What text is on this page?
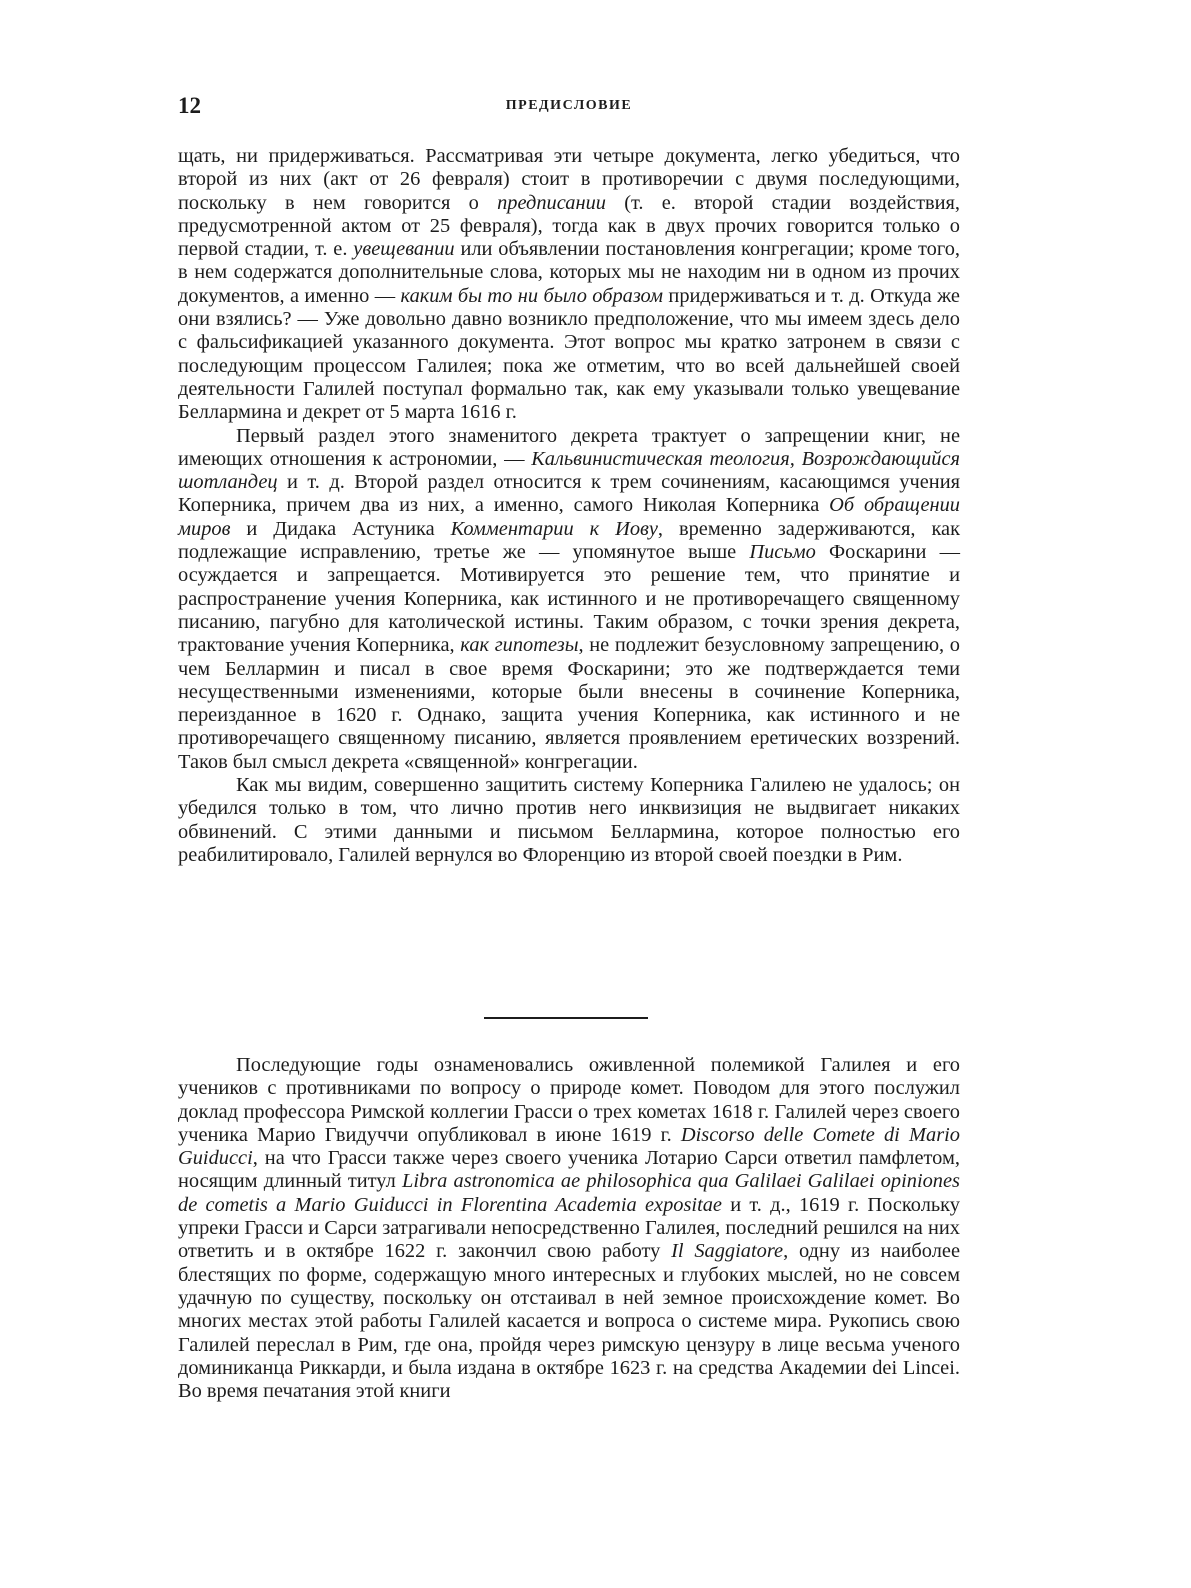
12	ПРЕДИСЛОВИЕ

щать, ни придерживаться. Рассматривая эти четыре документа, легко убедиться, что второй из них (акт от 26 февраля) стоит в противоречии с двумя последующими, поскольку в нем говорится о предписании (т. е. второй стадии воздействия, предусмотренной актом от 25 февраля), тогда как в двух прочих говорится только о первой стадии, т. е. увещевании или объявлении постановления конгрегации; кроме того, в нем содержатся дополнительные слова, которых мы не находим ни в одном из прочих документов, а именно — каким бы то ни было образом придерживаться и т. д. Откуда же они взялись? — Уже довольно давно возникло предположение, что мы имеем здесь дело с фальсификацией указанного документа. Этот вопрос мы кратко затронем в связи с последующим процессом Галилея; пока же отметим, что во всей дальнейшей своей деятельности Галилей поступал формально так, как ему указывали только увещевание Беллармина и декрет от 5 марта 1616 г.

Первый раздел этого знаменитого декрета трактует о запрещении книг, не имеющих отношения к астрономии, — Кальвинистическая теология, Возрождающийся шотландец и т. д. Второй раздел относится к трем сочинениям, касающимся учения Коперника, причем два из них, а именно, самого Николая Коперника Об обращении миров и Дидака Астуника Комментарии к Иову, временно задерживаются, как подлежащие исправлению, третье же — упомянутое выше Письмо Фоскарини — осуждается и запрещается. Мотивируется это решение тем, что принятие и распространение учения Коперника, как истинного и не противоречащего священному писанию, пагубно для католической истины. Таким образом, с точки зрения декрета, трактование учения Коперника, как гипотезы, не подлежит безусловному запрещению, о чем Беллармин и писал в свое время Фоскарини; это же подтверждается теми несущественными изменениями, которые были внесены в сочинение Коперника, переизданное в 1620 г. Однако, защита учения Коперника, как истинного и не противоречащего священному писанию, является проявлением еретических воззрений. Таков был смысл декрета «священной» конгрегации.

Как мы видим, совершенно защитить систему Коперника Галилею не удалось; он убедился только в том, что лично против него инквизиция не выдвигает никаких обвинений. С этими данными и письмом Беллармина, которое полностью его реабилитировало, Галилей вернулся во Флоренцию из второй своей поездки в Рим.

Последующие годы ознаменовались оживленной полемикой Галилея и его учеников с противниками по вопросу о природе комет. Поводом для этого послужил доклад профессора Римской коллегии Грасси о трех кометах 1618 г. Галилей через своего ученика Марио Гвидуччи опубликовал в июне 1619 г. Discorso delle Comete di Mario Guiducci, на что Грасси также через своего ученика Лотарио Сарси ответил памфлетом, носящим длинный титул Libra astronomica ae philosophica qua Galilaei Galilaei opiniones de cometis a Mario Guiducci in Florentina Academia expositae и т. д., 1619 г. Поскольку упреки Грасси и Сарси затрагивали непосредственно Галилея, последний решился на них ответить и в октябре 1622 г. закончил свою работу Il Saggiatore, одну из наиболее блестящих по форме, содержащую много интересных и глубоких мыслей, но не совсем удачную по существу, поскольку он отстаивал в ней земное происхождение комет. Во многих местах этой работы Галилей касается и вопроса о системе мира. Рукопись свою Галилей переслал в Рим, где она, пройдя через римскую цензуру в лице весьма ученого доминиканца Риккарди, и была издана в октябре 1623 г. на средства Академии dei Lincei. Во время печатания этой книги
